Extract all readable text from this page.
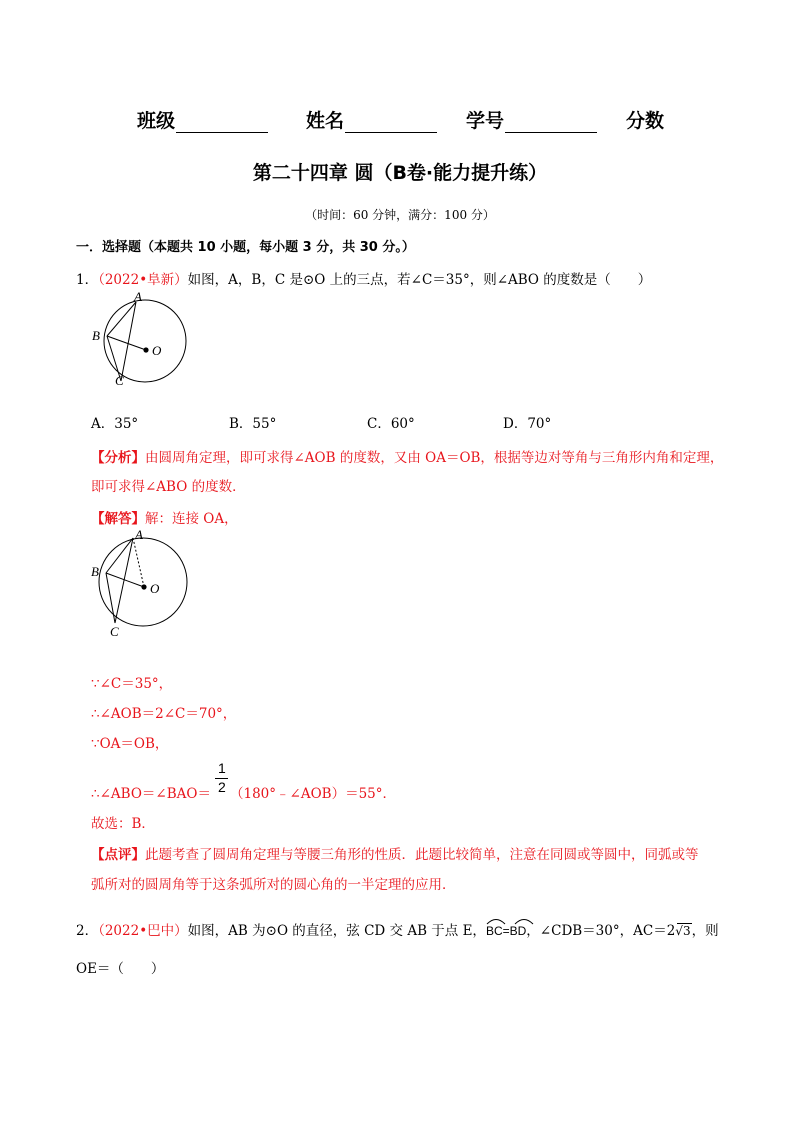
班级	姓名	学号	分数
第二十四章 圆（B卷·能力提升练）
（时间：60 分钟，满分：100 分）
一．选择题（本题共 10 小题，每小题 3 分，共 30 分。）
1．（2022•阜新）如图，A，B，C 是⊙O 上的三点，若∠C＝35°，则∠ABO 的度数是（　　）
A
B
O
C
A．35°	B．55°	C．60°	D．70°
【分析】由圆周角定理，即可求得∠AOB 的度数，又由 OA＝OB，根据等边对等角与三角形内角和定理，
即可求得∠ABO 的度数．
【解答】解：连接 OA，
A
B
O
C
∵∠C＝35°，
∴∠AOB＝2∠C＝70°，
∵OA＝OB，
∴∠ABO＝∠BAO＝
1
2 （180°﹣∠AOB）＝55°．
故选：B．
【点评】此题考查了圆周角定理与等腰三角形的性质．此题比较简单，注意在同圆或等圆中，同弧或等
弧所对的圆周角等于这条弧所对的圆心角的一半定理的应用．
2．（2022•巴中）如图，AB 为⊙O 的直径，弦 CD 交 AB 于点 E，
BC=
BD，∠CDB＝30°，AC＝2√3，则
OE＝（　　）
